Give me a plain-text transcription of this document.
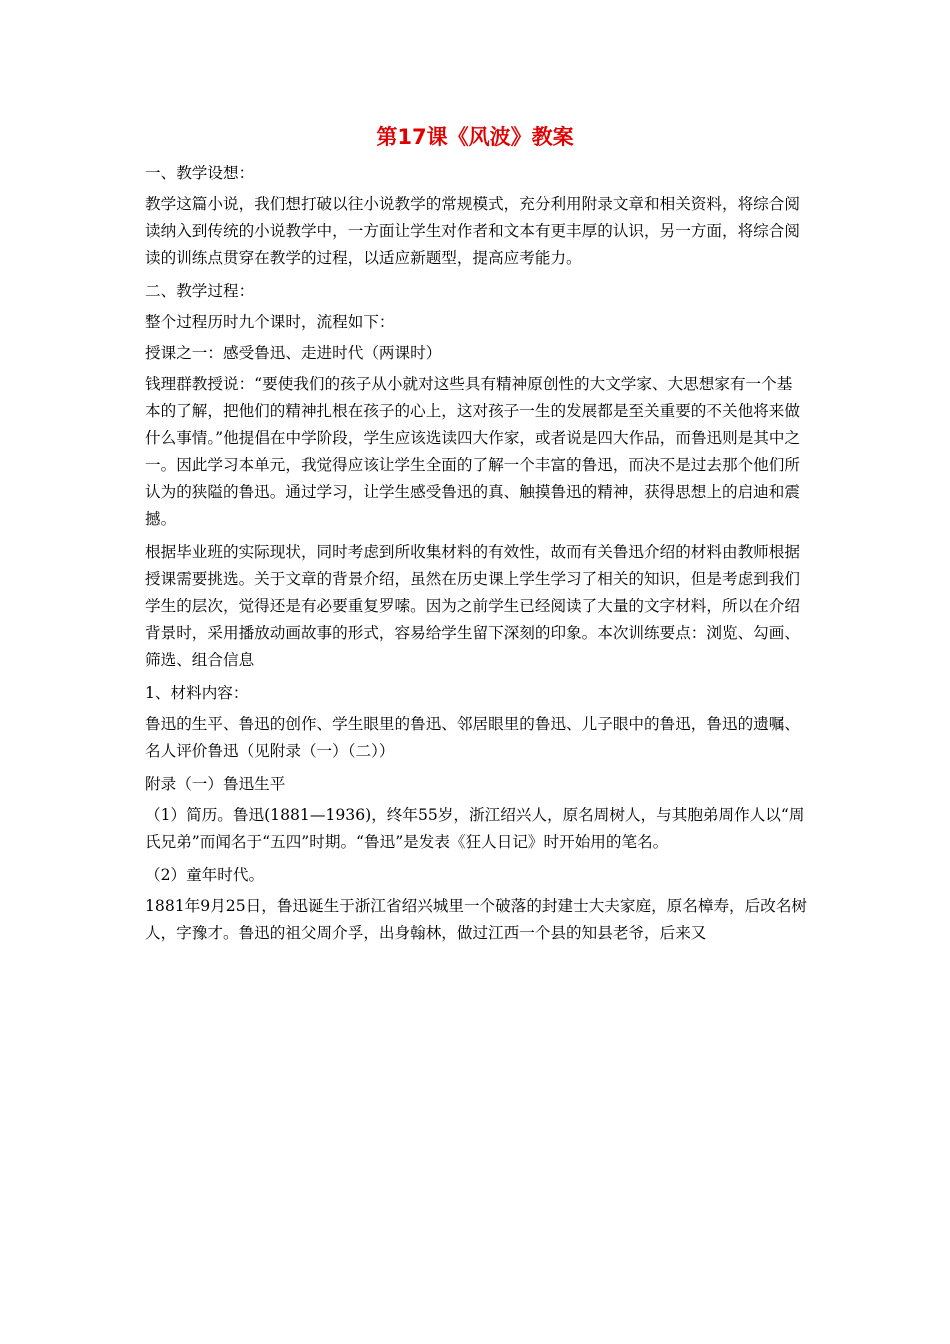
第17课《风波》教案

一、教学设想：

教学这篇小说，我们想打破以往小说教学的常规模式，充分利用附录文章和相关资料，将综合阅读纳入到传统的小说教学中，一方面让学生对作者和文本有更丰厚的认识，另一方面，将综合阅读的训练点贯穿在教学的过程，以适应新题型，提高应考能力。

二、教学过程：

整个过程历时九个课时，流程如下：

授课之一：感受鲁迅、走进时代（两课时）

钱理群教授说：“要使我们的孩子从小就对这些具有精神原创性的大文学家、大思想家有一个基本的了解，把他们的精神扎根在孩子的心上，这对孩子一生的发展都是至关重要的不关他将来做什么事情。”他提倡在中学阶段，学生应该选读四大作家，或者说是四大作品，而鲁迅则是其中之一。因此学习本单元，我觉得应该让学生全面的了解一个丰富的鲁迅，而决不是过去那个他们所认为的狭隘的鲁迅。通过学习，让学生感受鲁迅的真、触摸鲁迅的精神，获得思想上的启迪和震撼。

根据毕业班的实际现状，同时考虑到所收集材料的有效性，故而有关鲁迅介绍的材料由教师根据授课需要挑选。关于文章的背景介绍，虽然在历史课上学生学习了相关的知识，但是考虑到我们学生的层次，觉得还是有必要重复罗嗦。因为之前学生已经阅读了大量的文字材料，所以在介绍背景时，采用播放动画故事的形式，容易给学生留下深刻的印象。本次训练要点：浏览、勾画、筛选、组合信息

1、材料内容：

鲁迅的生平、鲁迅的创作、学生眼里的鲁迅、邻居眼里的鲁迅、儿子眼中的鲁迅，鲁迅的遗嘱、名人评价鲁迅（见附录（一）（二））

附录（一）鲁迅生平

（1）简历。鲁迅(1881—1936)，终年55岁，浙江绍兴人，原名周树人，与其胞弟周作人以“周氏兄弟”而闻名于“五四”时期。“鲁迅”是发表《狂人日记》时开始用的笔名。

（2）童年时代。

1881年9月25日，鲁迅诞生于浙江省绍兴城里一个破落的封建士大夫家庭，原名樟寿，后改名树人，字豫才。鲁迅的祖父周介孚，出身翰林，做过江西一个县的知县老爷，后来又
